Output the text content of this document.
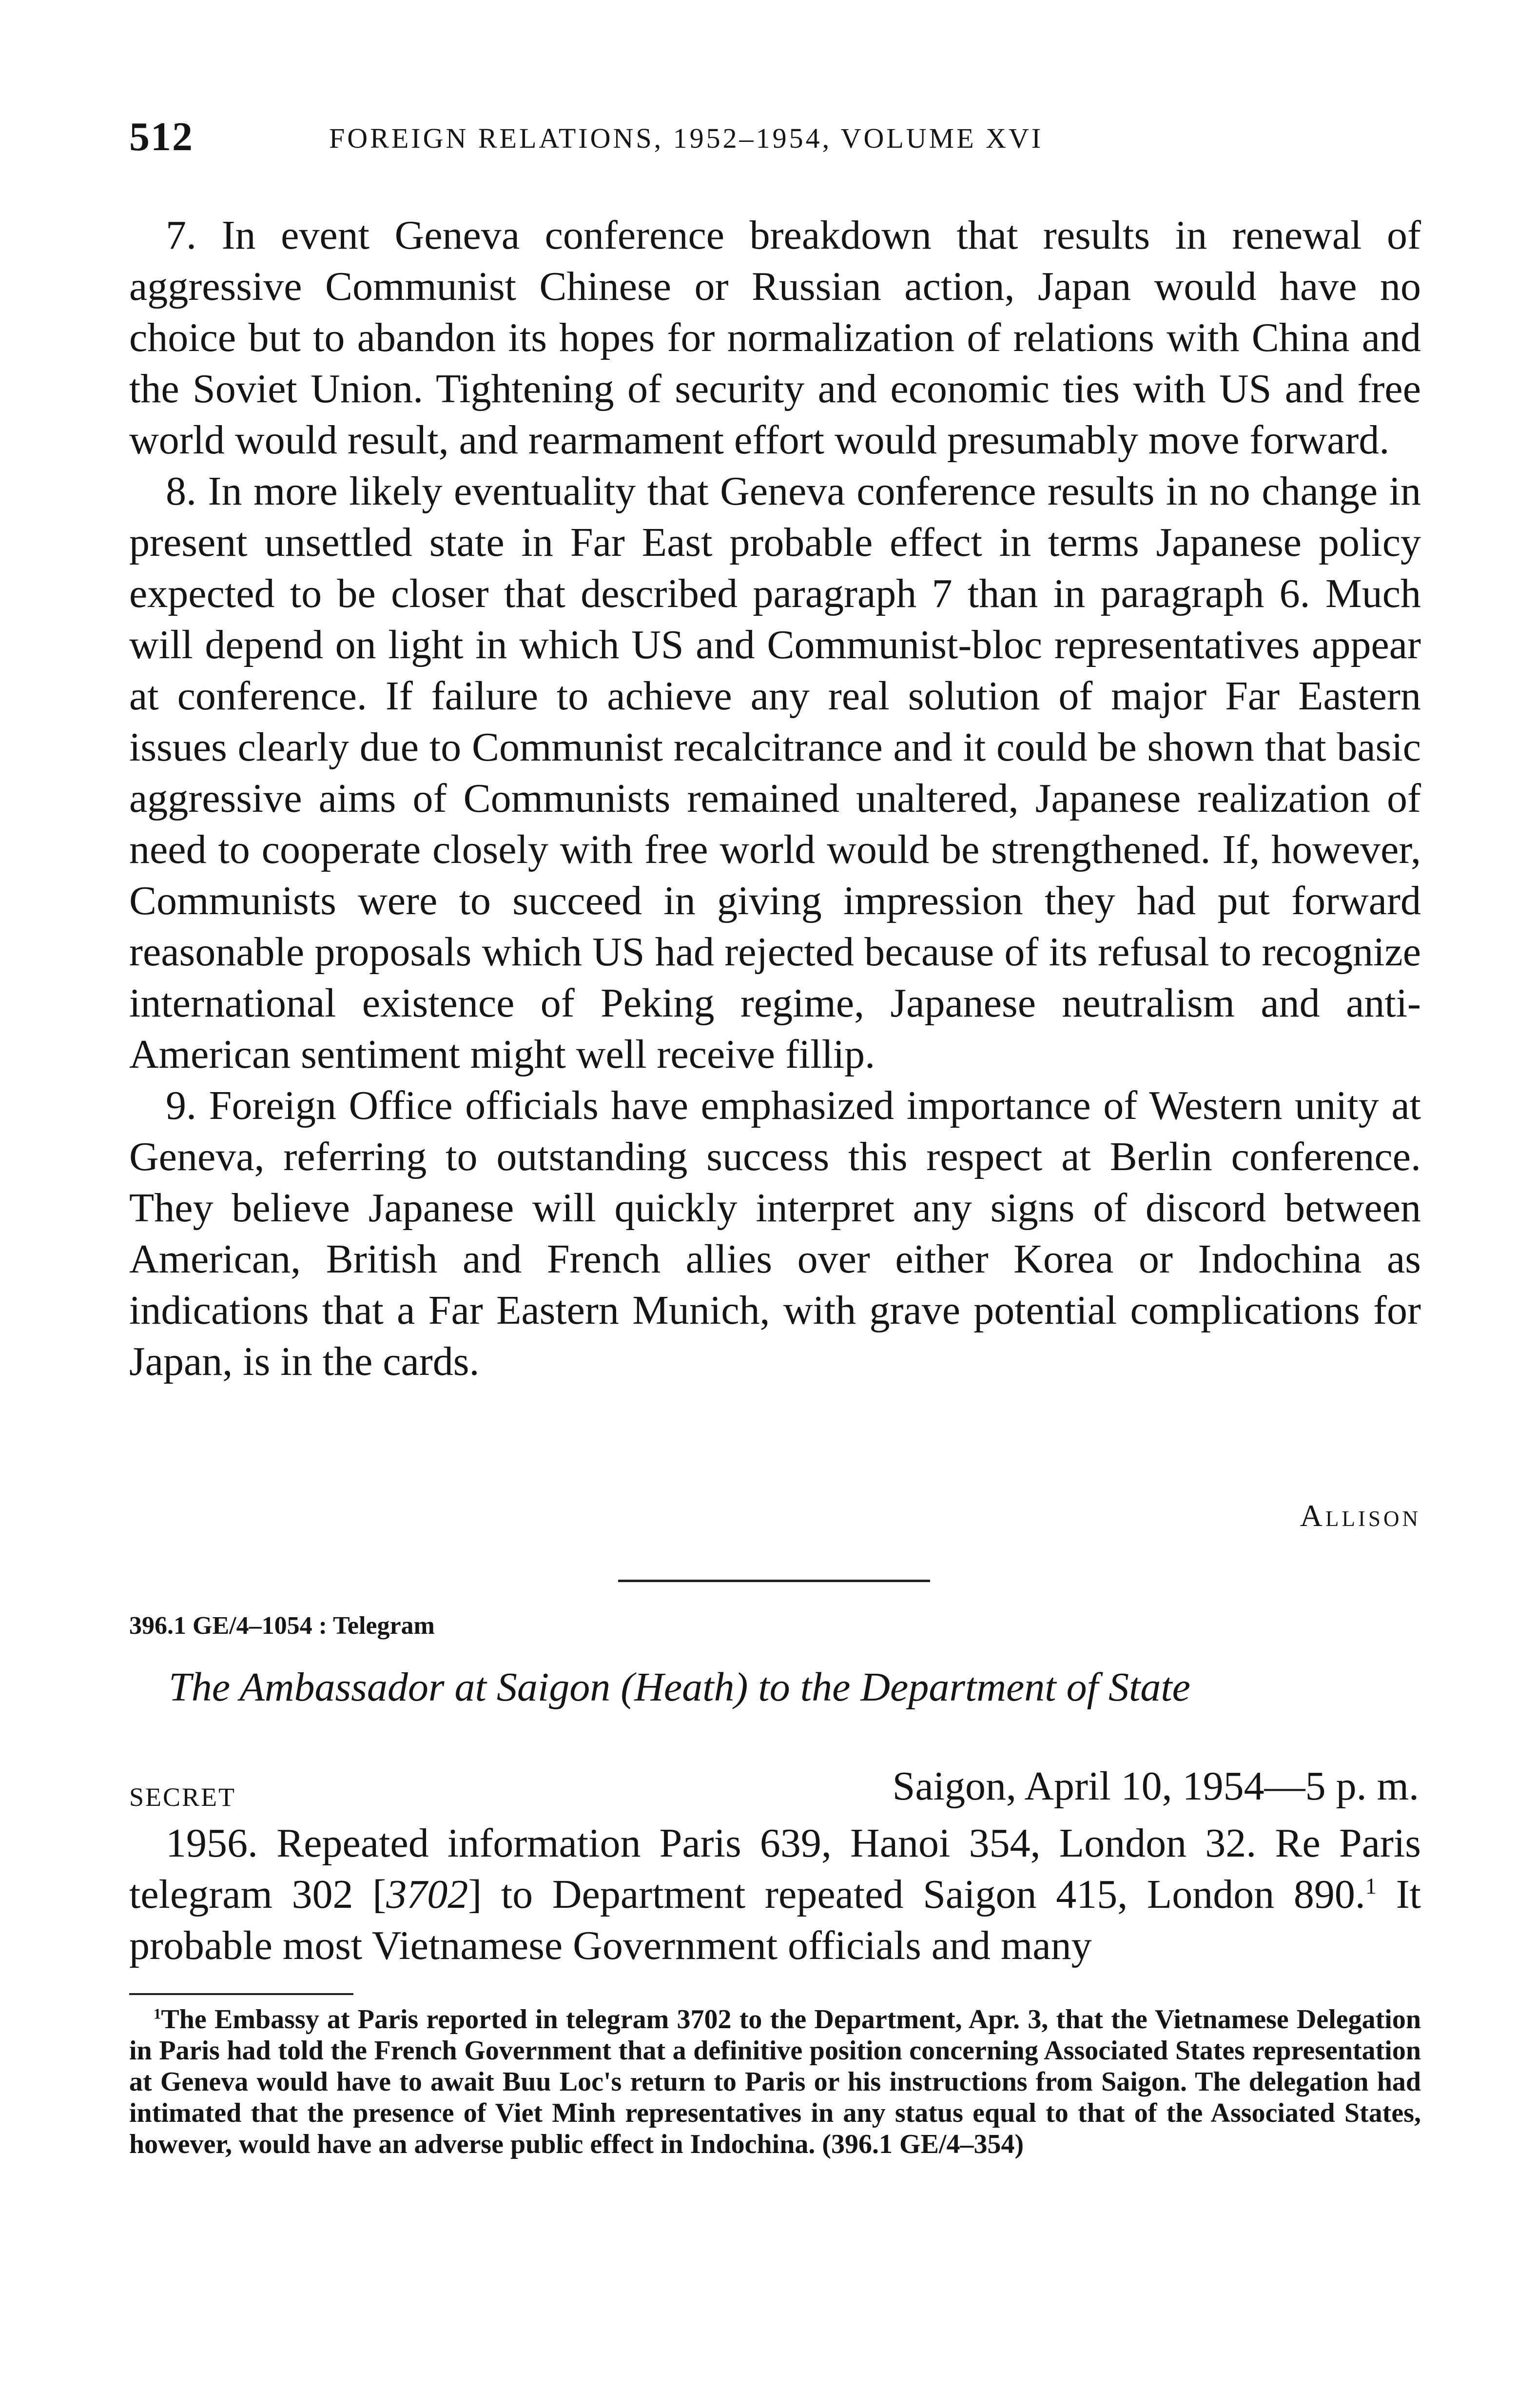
512	FOREIGN RELATIONS, 1952–1954, VOLUME XVI

7. In event Geneva conference breakdown that results in renewal of aggressive Communist Chinese or Russian action, Japan would have no choice but to abandon its hopes for normalization of relations with China and the Soviet Union. Tightening of security and economic ties with US and free world would result, and rearmament effort would presumably move forward.

8. In more likely eventuality that Geneva conference results in no change in present unsettled state in Far East probable effect in terms Japanese policy expected to be closer that described paragraph 7 than in paragraph 6. Much will depend on light in which US and Communist-bloc representatives appear at conference. If failure to achieve any real solution of major Far Eastern issues clearly due to Communist recalcitrance and it could be shown that basic aggressive aims of Communists remained unaltered, Japanese realization of need to cooperate closely with free world would be strengthened. If, however, Communists were to succeed in giving impression they had put forward reasonable proposals which US had rejected because of its refusal to recognize international existence of Peking regime, Japanese neutralism and anti-American sentiment might well receive fillip.

9. Foreign Office officials have emphasized importance of Western unity at Geneva, referring to outstanding success this respect at Berlin conference. They believe Japanese will quickly interpret any signs of discord between American, British and French allies over either Korea or Indochina as indications that a Far Eastern Munich, with grave potential complications for Japan, is in the cards.

Allison
396.1 GE/4–1054 : Telegram
The Ambassador at Saigon (Heath) to the Department of State
SECRET	Saigon, April 10, 1954—5 p. m.

1956. Repeated information Paris 639, Hanoi 354, London 32. Re Paris telegram 302 [3702] to Department repeated Saigon 415, London 890.$^1$ It probable most Vietnamese Government officials and many

$^1$The Embassy at Paris reported in telegram 3702 to the Department, Apr. 3, that the Vietnamese Delegation in Paris had told the French Government that a definitive position concerning Associated States representation at Geneva would have to await Buu Loc's return to Paris or his instructions from Saigon. The delegation had intimated that the presence of Viet Minh representatives in any status equal to that of the Associated States, however, would have an adverse public effect in Indochina. (396.1 GE/4–354)
